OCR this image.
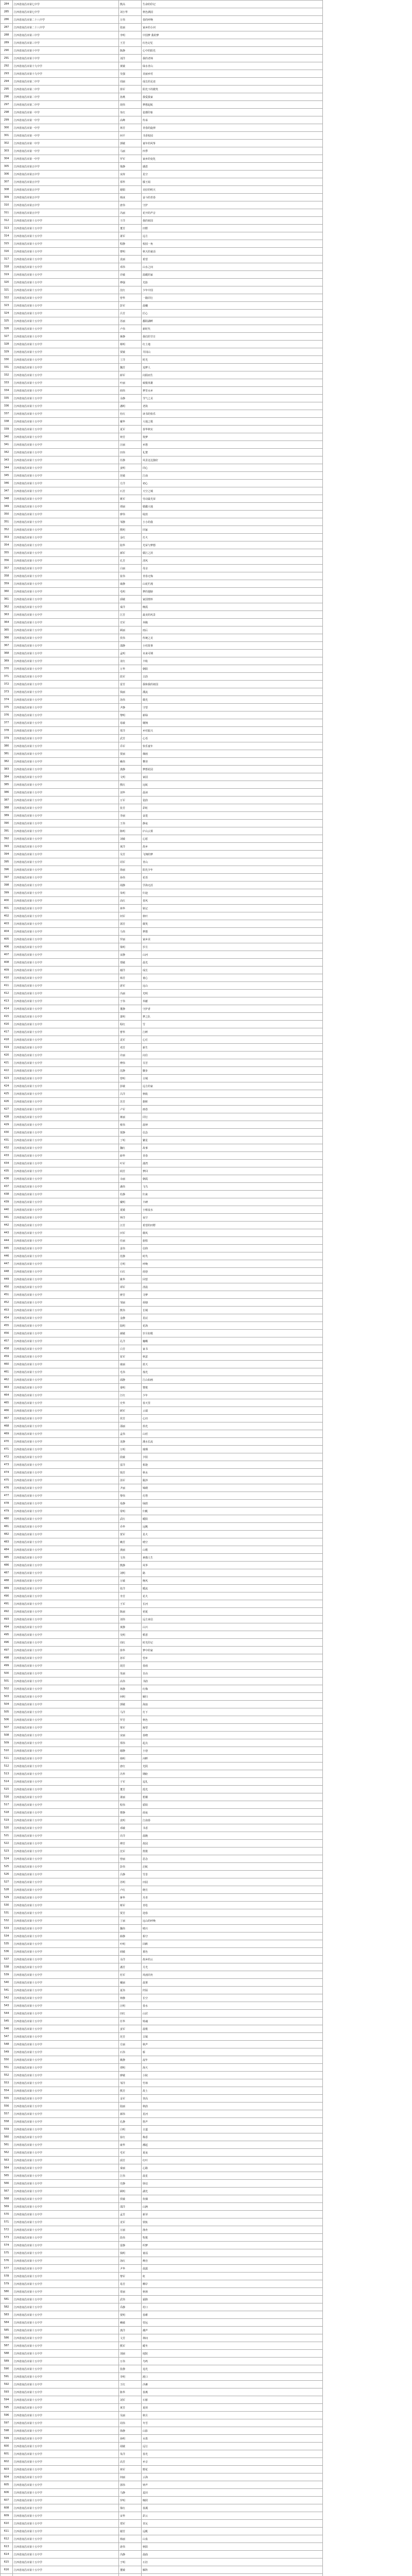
284	江西省南昌市第七中学	熊高	生命的印记
285	江西省南昌市第七中学	刘小华	秋色满园
286	江西省南昌市第二十八中学	万伟	春的呼唤
287	江西省南昌市第二十八中学	张丽	家乡的小河
288	江西省南昌市第三中学	李明	中国梦 我的梦
289	江西省南昌市第三中学	王芳	红色记忆
290	江西省南昌市第十中学	陈静	心中的阳光
291	江西省南昌市第十中学	刘洋	我的老师
292	江西省南昌市第十九中学	黄敏	绿水青山
293	江西省南昌市第十九中学	吴强	美丽乡村
294	江西省南昌市第二中学	周丽	成长的足迹
295	江西省南昌市第二中学	徐军	阳光下的微笑
296	江西省南昌市第二中学	孙燕	我爱我家
297	江西省南昌市第二中学	胡伟	梦想起航
298	江西省南昌市第一中学	朱红	瓷都印象
299	江西省南昌市第一中学	高峰	传承
300	江西省南昌市第一中学	林芳	青春的旋律
301	江西省南昌市第一中学	何平	书香校园
302	江西省南昌市第一中学	郭敏	童年的风筝
303	江西省南昌市第一中学	马丽	四季
304	江西省南昌市第一中学	罗军	家乡的变化
305	江西省南昌市第五中学	梁静	感恩
306	江西省南昌市第五中学	宋涛	星空
307	江西省南昌市第五中学	郑华	滕王阁
308	江西省南昌市第五中学	谢娟	美好的明天
309	江西省南昌市第五中学	韩冰	奋斗的青春
310	江西省南昌市第五中学	唐伟	守护
311	江西省南昌市第五中学	冯丽	花开的声音
312	江西省南昌市第十五中学	于洋	我的祖国
313	江西省南昌市第十五中学	董芳	田野
314	江西省南昌市第十五中学	萧军	远方
315	江西省南昌市第十五中学	程静	校园一角
316	江西省南昌市第十五中学	曹明	秋天的童话
317	江西省南昌市第十五中学	袁丽	希望
318	江西省南昌市第十五中学	邓伟	山水之间
319	江西省南昌市第十五中学	许敏	温暖的家
320	江西省南昌市第十五中学	傅强	光影
321	江西省南昌市第十五中学	沈红	少年中国
322	江西省南昌市第十五中学	曾华	一路同行
323	江西省南昌市第十五中学	彭军	晨曦
324	江西省南昌市第十五中学	吕芳	匠心
325	江西省南昌市第十五中学	苏丽	鄱阳湖畔
326	江西省南昌市第十五中学	卢伟	新时代
327	江西省南昌市第十五中学	蒋静	我们的节日
328	江西省南昌市第十五中学	蔡明	红土地
329	江西省南昌市第十五中学	贾敏	井冈山
330	江西省南昌市第十五中学	丁洋	时光
331	江西省南昌市第十五中学	魏芳	追梦人
332	江西省南昌市第十五中学	薛军	向阳而生
333	江西省南昌市第十五中学	叶丽	致敬英雄
334	江西省南昌市第十五中学	阎伟	梦里水乡
335	江西省南昌市第十五中学	余静	节气之美
336	江西省南昌市第十五中学	潘明	老街
337	江西省南昌市第十五中学	杜红	读书的快乐
338	江西省南昌市第十五中学	戴华	大地之歌
339	江西省南昌市第十五中学	夏军	春华秋实
340	江西省南昌市第十五中学	钟芳	筑梦
341	江西省南昌市第十五中学	汪丽	乡愁
342	江西省南昌市第十五中学	田伟	礼赞
343	江西省南昌市第十五中学	任静	风景这边独好
344	江西省南昌市第十五中学	姜明	同心
345	江西省南昌市第十五中学	范敏	江南
346	江西省南昌市第十五中学	方洋	初心
347	江西省南昌市第十五中学	石芳	天空之城
348	江西省南昌市第十五中学	姚军	劳动最光荣
349	江西省南昌市第十五中学	谭丽	赣鄱大地
350	江西省南昌市第十五中学	廖伟	绽放
351	江西省南昌市第十五中学	邹静	小小的我
352	江西省南昌市第十五中学	熊明	回家
353	江西省南昌市第十五中学	金红	灯火
354	江西省南昌市第十五中学	陆华	光荣与梦想
355	江西省南昌市第十五中学	郝军	赣江之滨
356	江西省南昌市第十五中学	孔芳	清风
357	江西省南昌市第十五中学	白丽	母亲
358	江西省南昌市第十五中学	崔伟	青春无悔
359	江西省南昌市第十五中学	康静	山花烂漫
360	江西省南昌市第十五中学	毛明	梦的翅膀
361	江西省南昌市第十五中学	邱敏	家国情怀
362	江西省南昌市第十五中学	秦洋	晚霞
363	江西省南昌市第十五中学	江芳	最美的风景
364	江西省南昌市第十五中学	史军	奔跑
365	江西省南昌市第十五中学	顾丽	雨后
366	江西省南昌市第十五中学	侯伟	传统之美
367	江西省南昌市第十五中学	邵静	小村故事
368	江西省南昌市第十五中学	孟明	未来可期
369	江西省南昌市第十五中学	龙红	丰收
370	江西省南昌市第十五中学	万华	朝阳
371	江西省南昌市第十五中学	段军	古韵
372	江西省南昌市第十五中学	雷芳	我和我的祖国
373	江西省南昌市第十五中学	钱丽	溪流
374	江西省南昌市第十五中学	汤伟	微光
375	江西省南昌市第十五中学	尹静	守望
376	江西省南昌市第十五中学	黎明	新绿
377	江西省南昌市第十五中学	易敏	翱翔
378	江西省南昌市第十五中学	常洋	乡村振兴
379	江西省南昌市第十五中学	武芳	心语
380	江西省南昌市第十五中学	乔军	快乐童年
381	江西省南昌市第十五中学	贺丽	烟雨
382	江西省南昌市第十五中学	赖伟	攀登
383	江西省南昌市第十五中学	龚静	梦想花园
384	江西省南昌市第十五中学	文明	家园
385	江西省南昌市第十五中学	熊红	远航
386	江西省南昌市第十五中学	刘华	晨读
387	江西省南昌市第十五中学	万军	瓷韵
388	江西省南昌市第十五中学	张芳	彩虹
389	江西省南昌市第十五中学	李丽	奋进
390	江西省南昌市第十五中学	王伟	静夜
391	江西省南昌市第十五中学	陈明	庐山云雾
392	江西省南昌市第十五中学	刘敏	心愿
393	江西省南昌市第十五中学	黄洋	故乡
394	江西省南昌市第十五中学	吴芳	飞翔的梦
395	江西省南昌市第十五中学	周军	青山
396	江西省南昌市第十五中学	徐丽	阳光少年
397	江西省南昌市第十五中学	孙伟	花语
398	江西省南昌市第十五中学	胡静	学海无涯
399	江西省南昌市第十五中学	朱明	归途
400	江西省南昌市第十五中学	高红	春风
401	江西省南昌市第十五中学	林华	铭记
402	江西省南昌市第十五中学	何军	秋叶
403	江西省南昌市第十五中学	郭芳	微笑
404	江西省南昌市第十五中学	马伟	梦想
405	江西省南昌市第十五中学	罗丽	家乡美
406	江西省南昌市第十五中学	梁明	岁月
407	江西省南昌市第十五中学	宋静	山河
408	江西省南昌市第十五中学	郑敏	晨光
409	江西省南昌市第十五中学	谢洋	成长
410	江西省南昌市第十五中学	韩芳	童心
411	江西省南昌市第十五中学	唐军	远山
412	江西省南昌市第十五中学	冯丽	光明
413	江西省南昌市第十五中学	于伟	奉献
414	江西省南昌市第十五中学	董静	守护者
415	江西省南昌市第十五中学	萧明	梦之队
416	江西省南昌市第十五中学	程红	雪
417	江西省南昌市第十五中学	曹华	江畔
418	江西省南昌市第十五中学	袁军	心灯
419	江西省南昌市第十五中学	邓芳	新生
420	江西省南昌市第十五中学	许丽	向往
421	江西省南昌市第十五中学	傅伟	芬芳
422	江西省南昌市第十五中学	沈静	脚步
423	江西省南昌市第十五中学	曾明	古城
424	江西省南昌市第十五中学	彭敏	远方的家
425	江西省南昌市第十五中学	吕洋	秋收
426	江西省南昌市第十五中学	苏芳	旗帜
427	江西省南昌市第十五中学	卢军	画卷
428	江西省南昌市第十五中学	蒋丽	同行
429	江西省南昌市第十五中学	蔡伟	晨钟
430	江西省南昌市第十五中学	贾静	信念
431	江西省南昌市第十五中学	丁明	繁星
432	江西省南昌市第十五中学	魏红	故事
433	江西省南昌市第十五中学	薛华	青春
434	江西省南昌市第十五中学	叶军	港湾
435	江西省南昌市第十五中学	阎芳	梦回
436	江西省南昌市第十五中学	余丽	朝霞
437	江西省南昌市第十五中学	潘伟	飞鸟
438	江西省南昌市第十五中学	杜静	归来
439	江西省南昌市第十五中学	戴明	丰碑
440	江西省南昌市第十五中学	夏敏	小桥流水
441	江西省南昌市第十五中学	钟洋	夜空
442	江西省南昌市第十五中学	汪芳	希望的田野
443	江西省南昌市第十五中学	田军	微风
444	江西省南昌市第十五中学	任丽	旅程
445	江西省南昌市第十五中学	姜伟	信仰
446	江西省南昌市第十五中学	范静	时代
447	江西省南昌市第十五中学	方明	呼唤
448	江西省南昌市第十五中学	石红	雨巷
449	江西省南昌市第十五中学	姚华	回望
450	江西省南昌市第十五中学	谭军	清晨
451	江西省南昌市第十五中学	廖芳	寻梦
452	江西省南昌市第十五中学	邹丽	荷塘
453	江西省南昌市第十五中学	熊伟	长城
454	江西省南昌市第十五中学	金静	星辰
455	江西省南昌市第十五中学	陆明	花海
456	江西省南昌市第十五中学	郝敏	岁月如歌
457	江西省南昌市第十五中学	孔洋	巍峨
458	江西省南昌市第十五中学	白芳	家书
459	江西省南昌市第十五中学	崔军	秋意
460	江西省南昌市第十五中学	康丽	蓝天
461	江西省南昌市第十五中学	毛伟	烛光
462	江西省南昌市第十五中学	邱静	江山如画
463	江西省南昌市第十五中学	秦明	赞歌
464	江西省南昌市第十五中学	江红	少年
465	江西省南昌市第十五中学	史华	春天里
466	江西省南昌市第十五中学	顾军	云端
467	江西省南昌市第十五中学	侯芳	心田
468	江西省南昌市第十五中学	邵丽	拾光
469	江西省南昌市第十五中学	孟伟	山村
470	江西省南昌市第十五中学	龙静	溪水长流
471	江西省南昌市第十五中学	万明	璀璨
472	江西省南昌市第十五中学	段敏	夕阳
473	江西省南昌市第十五中学	雷洋	相逢
474	江西省南昌市第十五中学	钱芳	秋水
475	江西省南昌市第十五中学	汤军	跋涉
476	江西省南昌市第十五中学	尹丽	锦绣
477	江西省南昌市第十五中学	黎伟	灯塔
478	江西省南昌市第十五中学	易静	绿荫
479	江西省南昌市第十五中学	常明	归帆
480	江西省南昌市第十五中学	武红	暖阳
481	江西省南昌市第十五中学	乔华	远眺
482	江西省南昌市第十五中学	贺军	星火
483	江西省南昌市第十五中学	赖芳	晴空
484	江西省南昌市第十五中学	龚丽	山歌
485	江西省南昌市第十五中学	文伟	素描人生
486	江西省南昌市第十五中学	熊静	风华
487	江西省南昌市第十五中学	刘明	路
488	江西省南昌市第十五中学	万敏	晚风
489	江西省南昌市第十五中学	张洋	暖流
490	江西省南昌市第十五中学	李芳	花火
491	江西省南昌市第十五中学	王军	长河
492	江西省南昌市第十五中学	陈丽	初夏
493	江西省南昌市第十五中学	刘伟	远方来信
494	江西省南昌市第十五中学	黄静	山川
495	江西省南昌市第十五中学	吴明	稻香
496	江西省南昌市第十五中学	周红	时光印记
497	江西省南昌市第十五中学	徐华	梦中的家
498	江西省南昌市第十五中学	孙军	望乡
499	江西省南昌市第十五中学	胡芳	春雨
500	江西省南昌市第十五中学	朱丽	自由
501	江西省南昌市第十五中学	高伟	书韵
502	江西省南昌市第十五中学	林静	红梅
503	江西省南昌市第十五中学	何明	雁归
504	江西省南昌市第十五中学	郭敏	海浪
505	江西省南昌市第十五中学	马洋	灯下
506	江西省南昌市第十五中学	罗芳	秋色
507	江西省南昌市第十五中学	梁军	凝望
508	江西省南昌市第十五中学	宋丽	春晓
509	江西省南昌市第十五中学	郑伟	起点
510	江西省南昌市第十五中学	谢静	小巷
511	江西省南昌市第十五中学	韩明	河畔
512	江西省南昌市第十五中学	唐红	光阴
513	江西省南昌市第十五中学	冯华	期盼
514	江西省南昌市第十五中学	于军	巡礼
515	江西省南昌市第十五中学	董芳	霞光
516	江西省南昌市第十五中学	萧丽	梧桐
517	江西省南昌市第十五中学	程伟	骄阳
518	江西省南昌市第十五中学	曹静	雨夜
519	江西省南昌市第十五中学	袁明	江南春
520	江西省南昌市第十五中学	邓敏	书香
521	江西省南昌市第十五中学	许洋	晨跑
522	江西省南昌市第十五中学	傅芳	故园
523	江西省南昌市第十五中学	沈军	凯歌
524	江西省南昌市第十五中学	曾丽	思念
525	江西省南昌市第十五中学	彭伟	启航
526	江西省南昌市第十五中学	吕静	雪景
527	江西省南昌市第十五中学	苏明	田园
528	江西省南昌市第十五中学	卢红	晓月
529	江西省南昌市第十五中学	蒋华	丹青
530	江西省南昌市第十五中学	蔡军	青松
531	江西省南昌市第十五中学	贾芳	迎春
532	江西省南昌市第十五中学	丁丽	远山的呼唤
533	江西省南昌市第十五中学	魏伟	晴川
534	江西省南昌市第十五中学	薛静	相守
535	江西省南昌市第十五中学	叶明	回眸
536	江西省南昌市第十五中学	阎敏	暮色
537	江西省南昌市第十五中学	余洋	故乡的云
538	江西省南昌市第十五中学	潘芳	月光
539	江西省南昌市第十五中学	杜军	风雨同舟
540	江西省南昌市第十五中学	戴丽	晨雾
541	江西省南昌市第十五中学	夏伟	阡陌
542	江西省南昌市第十五中学	钟静	长空
543	江西省南昌市第十五中学	汪明	春水
544	江西省南昌市第十五中学	田红	山居
545	江西省南昌市第十五中学	任华	铸魂
546	江西省南昌市第十五中学	姜军	晨歌
547	江西省南昌市第十五中学	范芳	古镇
548	江西省南昌市第十五中学	方丽	秋声
549	江西省南昌市第十五中学	石伟	桥
550	江西省南昌市第十五中学	姚静	流年
551	江西省南昌市第十五中学	谭明	海天
552	江西省南昌市第十五中学	廖敏	小院
553	江西省南昌市第十五中学	邹洋	竹林
554	江西省南昌市第十五中学	熊芳	故土
555	江西省南昌市第十五中学	金军	登高
556	江西省南昌市第十五中学	陆丽	秋韵
557	江西省南昌市第十五中学	郝伟	星河
558	江西省南昌市第十五中学	孔静	笛声
559	江西省南昌市第十五中学	白明	古道
560	江西省南昌市第十五中学	崔红	梅香
561	江西省南昌市第十五中学	康华	潮起
562	江西省南昌市第十五中学	毛军	夏夜
563	江西省南昌市第十五中学	邱芳	红叶
564	江西省南昌市第十五中学	秦丽	心路
565	江西省南昌市第十五中学	江伟	晨星
566	江西省南昌市第十五中学	史静	驿站
567	江西省南昌市第十五中学	顾明	湖光
568	江西省南昌市第十五中学	侯敏	炊烟
569	江西省南昌市第十五中学	邵洋	山涧
570	江西省南昌市第十五中学	孟芳	新芽
571	江西省南昌市第十五中学	龙军	铁轨
572	江西省南昌市第十五中学	万丽	渔舟
573	江西省南昌市第十五中学	段伟	牧歌
574	江西省南昌市第十五中学	雷静	织梦
575	江西省南昌市第十五中学	钱明	童谣
576	江西省南昌市第十五中学	汤红	峰峦
577	江西省南昌市第十五中学	尹华	晨露
578	江西省南昌市第十五中学	黎军	虹
579	江西省南昌市第十五中学	易芳	柳岸
580	江西省南昌市第十五中学	常丽	秋林
581	江西省南昌市第十五中学	武伟	霜降
582	江西省南昌市第十五中学	乔静	村口
583	江西省南昌市第十五中学	贺明	春耕
584	江西省南昌市第十五中学	赖敏	望远
585	江西省南昌市第十五中学	龚洋	潮声
586	江西省南昌市第十五中学	文芳	林间
587	江西省南昌市第十五中学	熊军	暖冬
588	江西省南昌市第十五中学	刘丽	庭院
589	江西省南昌市第十五中学	万伟	鸟鸣
590	江西省南昌市第十五中学	张静	追光
591	江西省南昌市第十五中学	李明	渡口
592	江西省南昌市第十五中学	王红	沙滩
593	江西省南昌市第十五中学	陈华	春燕
594	江西省南昌市第十五中学	刘军	石桥
595	江西省南昌市第十五中学	黄芳	夏荷
596	江西省南昌市第十五中学	吴丽	秋月
597	江西省南昌市第十五中学	周伟	冬雪
598	江西省南昌市第十五中学	徐静	山影
599	江西省南昌市第十五中学	孙明	水墨
600	江西省南昌市第十五中学	胡敏	远行
601	江西省南昌市第十五中学	朱洋	春光
602	江西省南昌市第十五中学	高芳	乡音
603	江西省南昌市第十五中学	林军	野花
604	江西省南昌市第十五中学	何丽	云海
605	江西省南昌市第十五中学	郭伟	钟声
606	江西省南昌市第十五中学	马静	麦田
607	江西省南昌市第十五中学	罗明	晚照
608	江西省南昌市第十五中学	梁红	春溪
609	江西省南昌市第十五中学	宋华	彩云
610	江西省南昌市第十五中学	郑军	青瓦
611	江西省南昌市第十五中学	谢芳	远帆
612	江西省南昌市第十五中学	韩丽	山泉
613	江西省南昌市第十五中学	唐伟	秋阳
614	江西省南昌市第十五中学	冯静	晨曲
615	江西省南昌市第十五中学	于明	石径
616	江西省南昌市第十五中学	董敏	雁阵
